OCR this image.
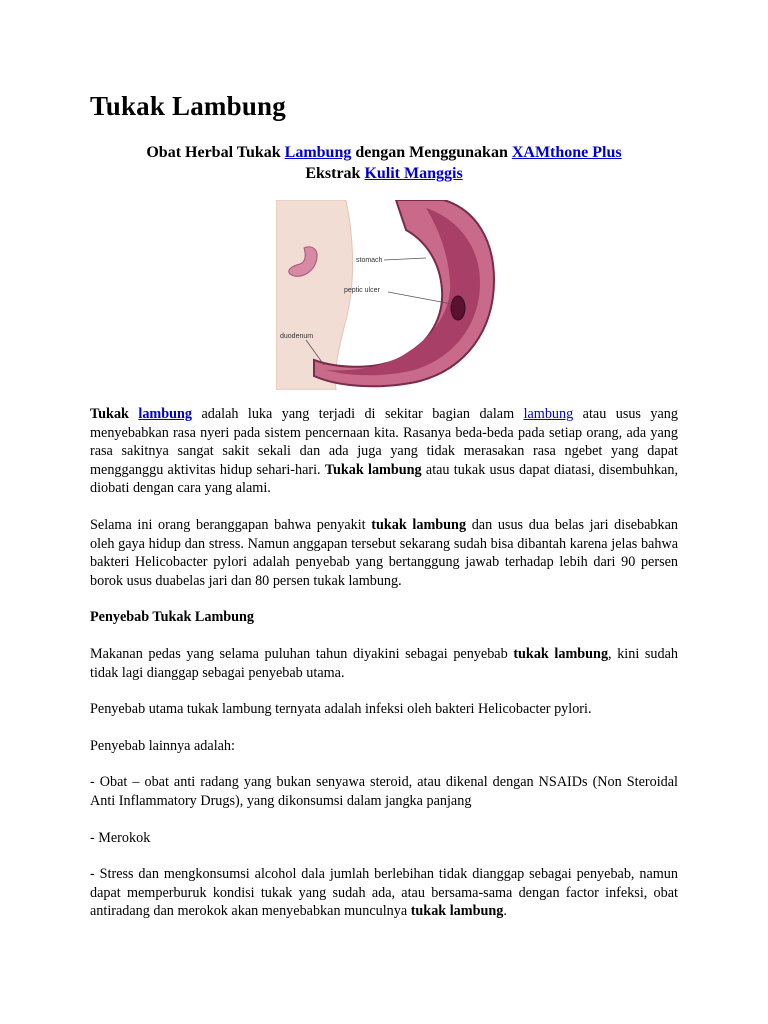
Tukak Lambung
Obat Herbal Tukak Lambung dengan Menggunakan XAMthone Plus
Ekstrak Kulit Manggis
stomach
peptic ulcer
duodenum

Tukak lambung adalah luka yang terjadi di sekitar bagian dalam lambung atau usus yang menyebabkan rasa nyeri pada sistem pencernaan kita. Rasanya beda-beda pada setiap orang, ada yang rasa sakitnya sangat sakit sekali dan ada juga yang tidak merasakan rasa ngebet yang dapat mengganggu aktivitas hidup sehari-hari. Tukak lambung atau tukak usus dapat diatasi, disembuhkan, diobati dengan cara yang alami.

Selama ini orang beranggapan bahwa penyakit tukak lambung dan usus dua belas jari disebabkan oleh gaya hidup dan stress. Namun anggapan tersebut sekarang sudah bisa dibantah karena jelas bahwa bakteri Helicobacter pylori adalah penyebab yang bertanggung jawab terhadap lebih dari 90 persen borok usus duabelas jari dan 80 persen tukak lambung.

Penyebab Tukak Lambung

Makanan pedas yang selama puluhan tahun diyakini sebagai penyebab tukak lambung, kini sudah tidak lagi dianggap sebagai penyebab utama.

Penyebab utama tukak lambung ternyata adalah infeksi oleh bakteri Helicobacter pylori.

Penyebab lainnya adalah:

- Obat – obat anti radang yang bukan senyawa steroid, atau dikenal dengan NSAIDs (Non Steroidal Anti Inflammatory Drugs), yang dikonsumsi dalam jangka panjang

- Merokok

- Stress dan mengkonsumsi alcohol dala jumlah berlebihan tidak dianggap sebagai penyebab, namun dapat memperburuk kondisi tukak yang sudah ada, atau bersama-sama dengan factor infeksi, obat antiradang dan merokok akan menyebabkan munculnya tukak lambung.
